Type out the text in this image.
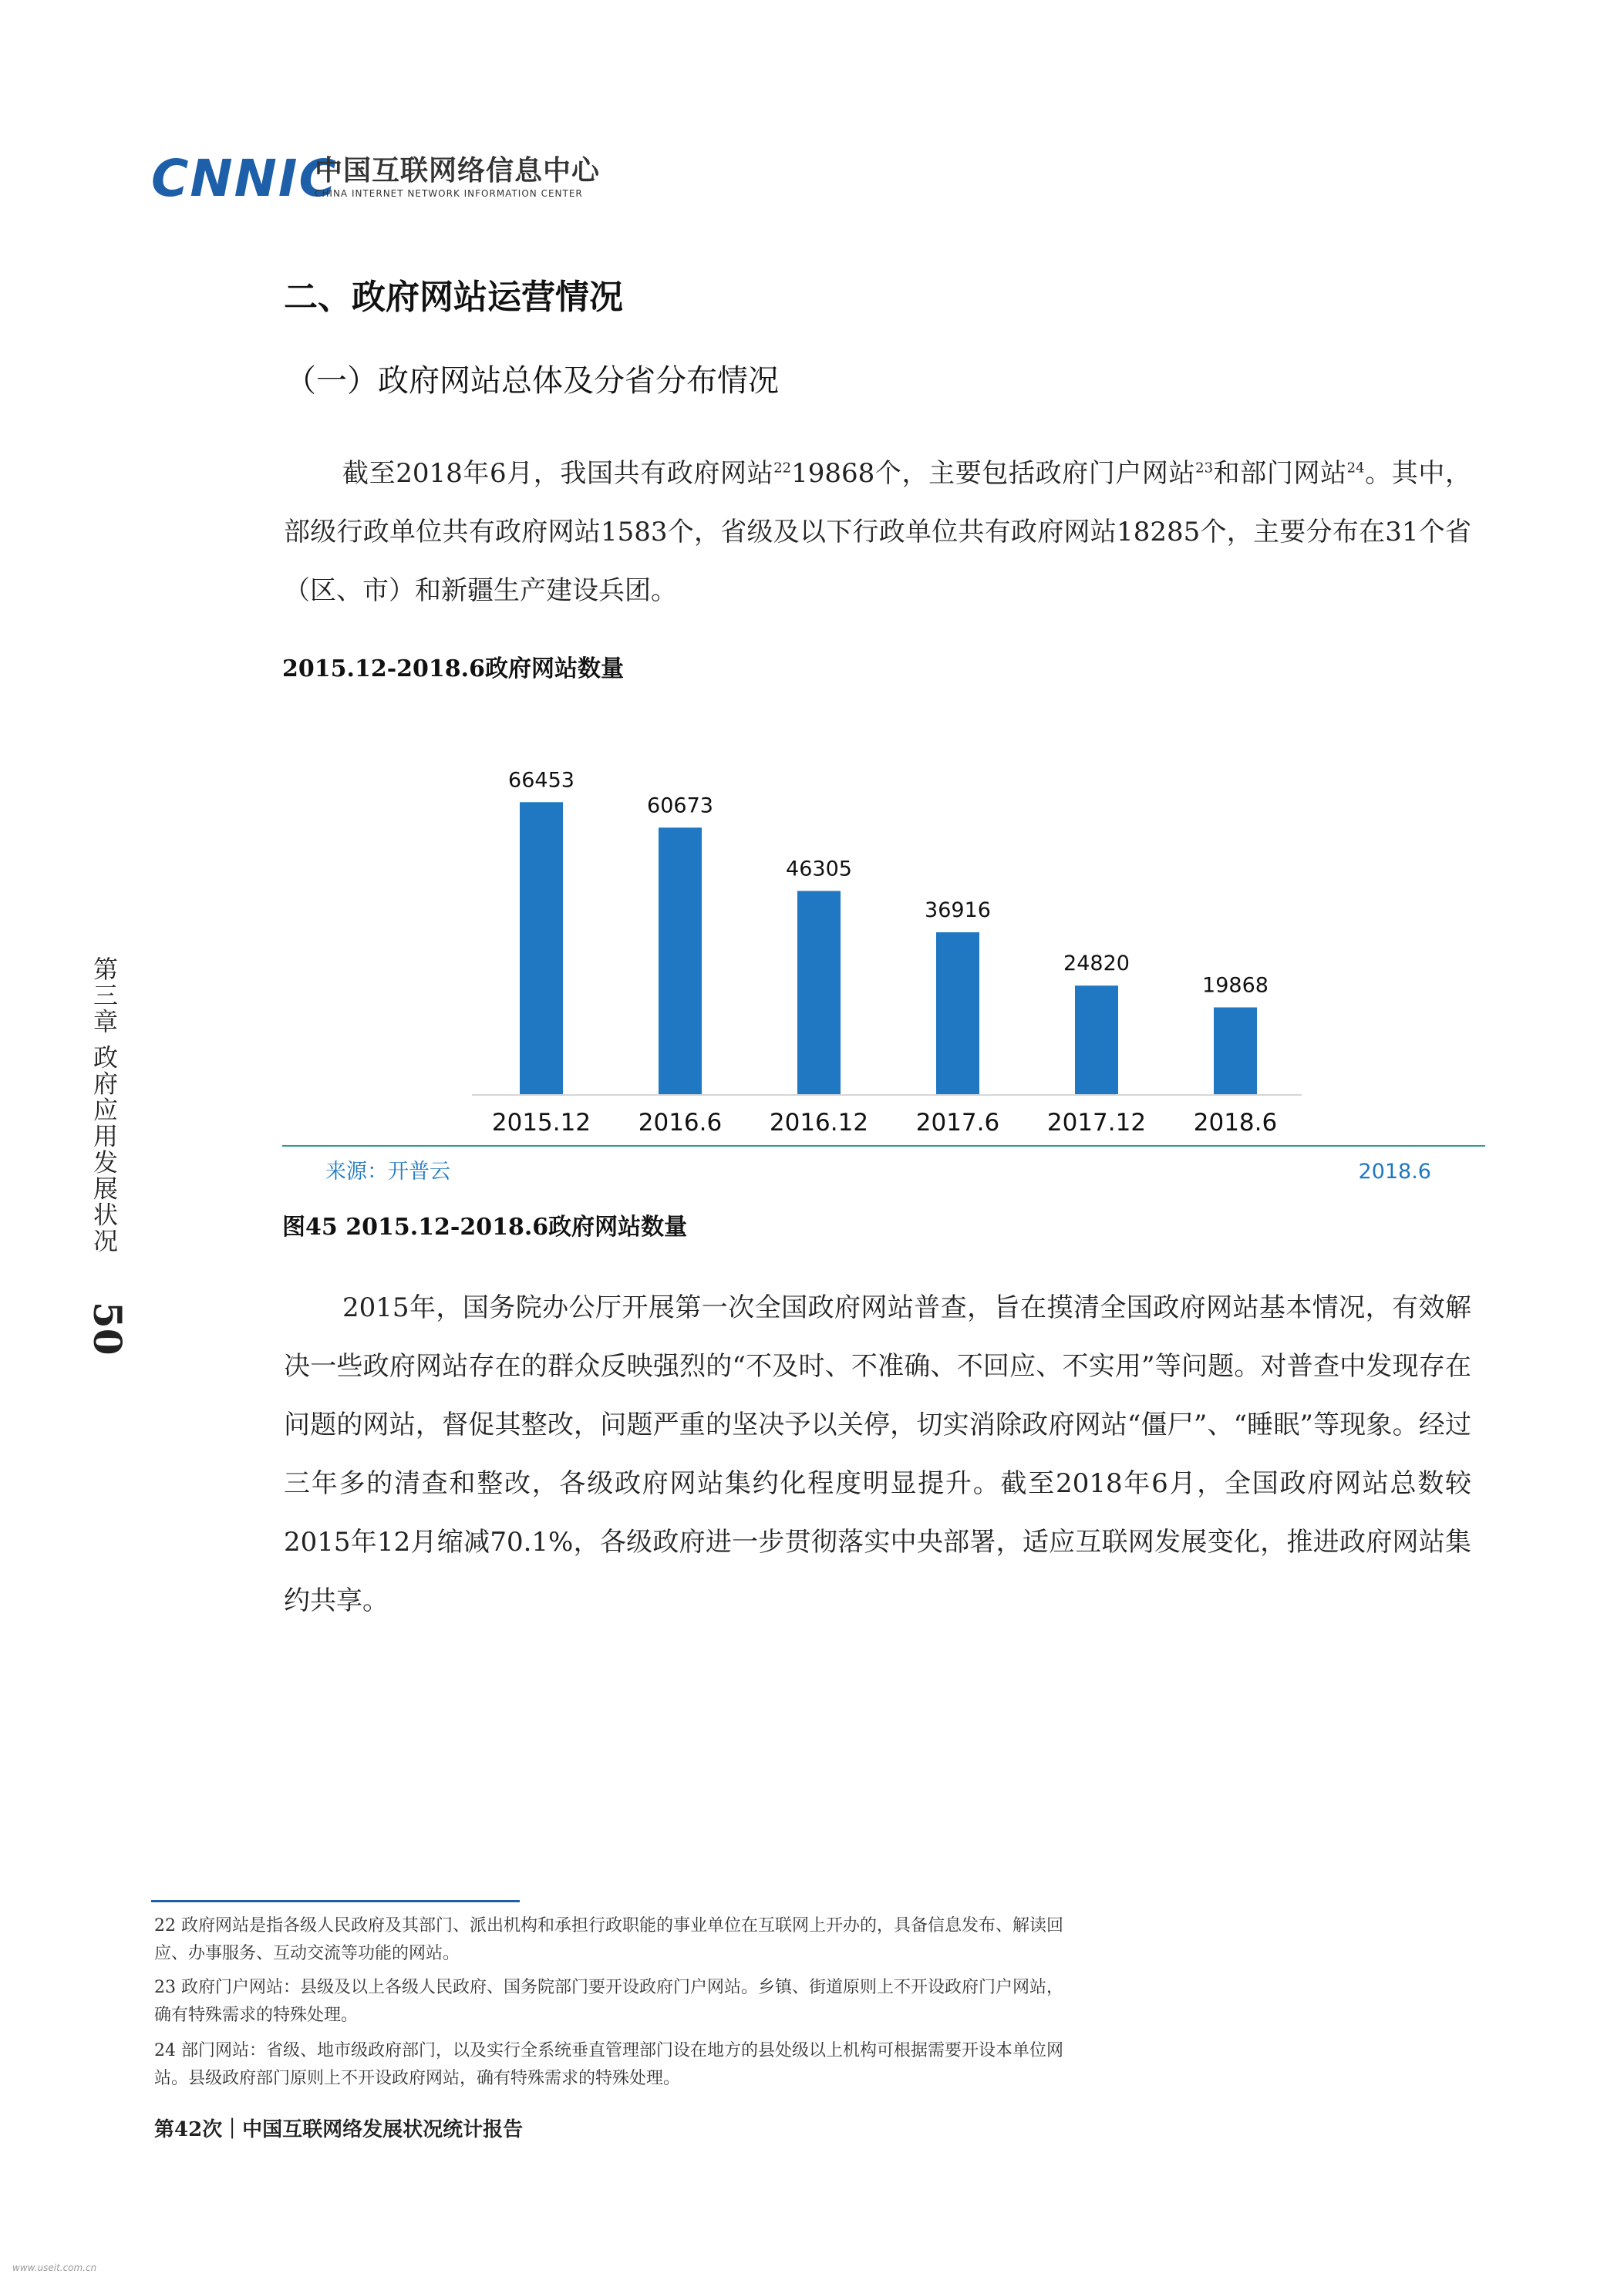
CNNIC
中国互联网络信息中心
CHINA INTERNET NETWORK INFORMATION CENTER
二、政府网站运营情况
（一）政府网站总体及分省分布情况
截至2018年6月，我国共有政府网站$^{22}$19868个，主要包括政府门户网站$^{23}$和部门网站$^{24}$。其中，部级行政单位共有政府网站1583个，省级及以下行政单位共有政府网站18285个，主要分布在31个省（区、市）和新疆生产建设兵团。
2015.12-2018.6政府网站数量
66453
60673
46305
36916
24820
19868
2015.12 2016.6 2016.12 2017.6 2017.12 2018.6
来源：开普云	2018.6
图45 2015.12-2018.6政府网站数量
2015年，国务院办公厅开展第一次全国政府网站普查，旨在摸清全国政府网站基本情况，有效解决一些政府网站存在的群众反映强烈的“不及时、不准确、不回应、不实用”等问题。对普查中发现存在问题的网站，督促其整改，问题严重的坚决予以关停，切实消除政府网站“僵尸”、“睡眠”等现象。经过三年多的清查和整改，各级政府网站集约化程度明显提升。截至2018年6月，全国政府网站总数较2015年12月缩减70.1%，各级政府进一步贯彻落实中央部署，适应互联网发展变化，推进政府网站集约共享。
第三章 政府应用发展状况
50
22 政府网站是指各级人民政府及其部门、派出机构和承担行政职能的事业单位在互联网上开办的，具备信息发布、解读回应、办事服务、互动交流等功能的网站。
23 政府门户网站：县级及以上各级人民政府、国务院部门要开设政府门户网站。乡镇、街道原则上不开设政府门户网站，确有特殊需求的特殊处理。
24 部门网站：省级、地市级政府部门，以及实行全系统垂直管理部门设在地方的县处级以上机构可根据需要开设本单位网站。县级政府部门原则上不开设政府网站，确有特殊需求的特殊处理。
第42次｜中国互联网络发展状况统计报告
www.useit.com.cn
